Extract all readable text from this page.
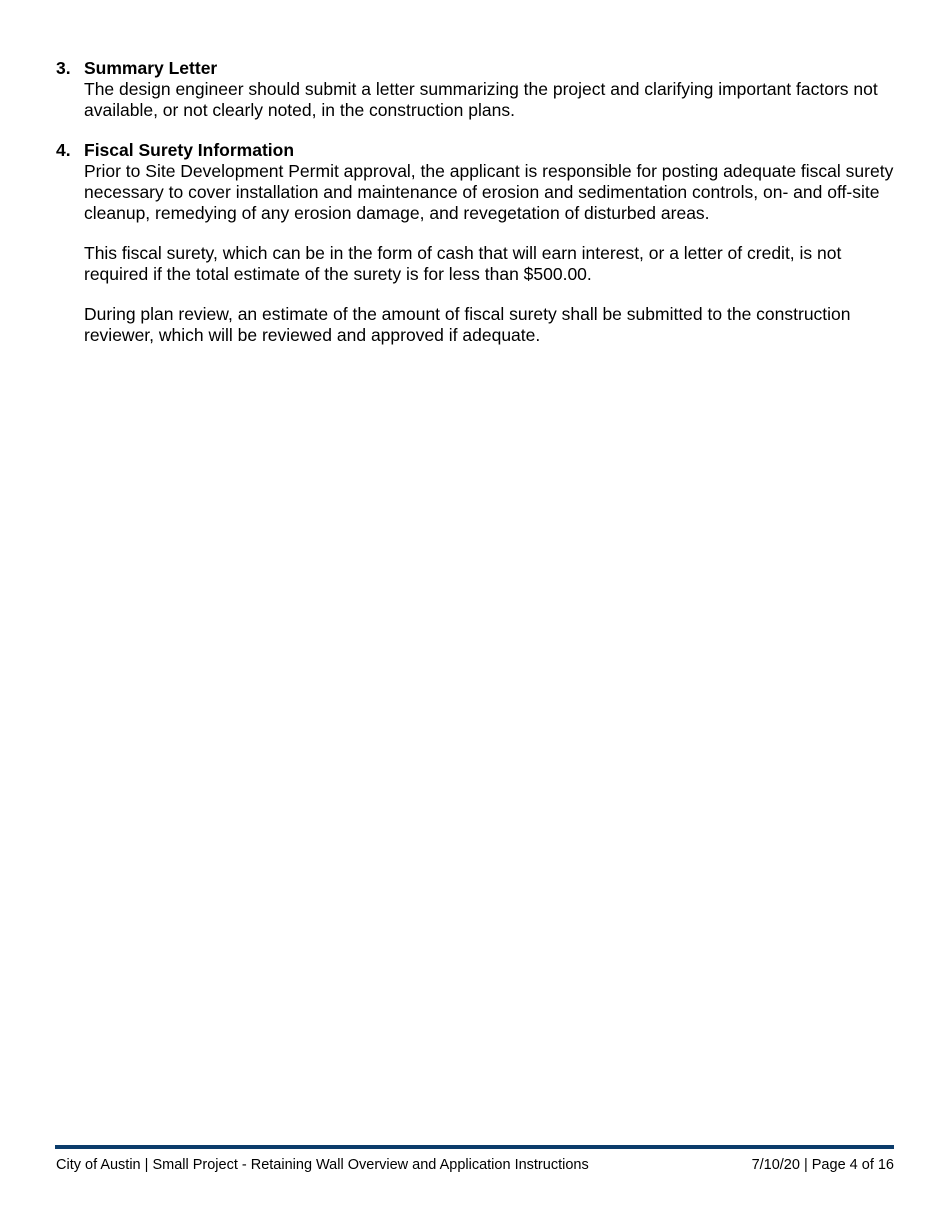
3. Summary Letter

The design engineer should submit a letter summarizing the project and clarifying important factors not available, or not clearly noted, in the construction plans.

4. Fiscal Surety Information

Prior to Site Development Permit approval, the applicant is responsible for posting adequate fiscal surety necessary to cover installation and maintenance of erosion and sedimentation controls, on- and off-site cleanup, remedying of any erosion damage, and revegetation of disturbed areas.

This fiscal surety, which can be in the form of cash that will earn interest, or a letter of credit, is not required if the total estimate of the surety is for less than $500.00.

During plan review, an estimate of the amount of fiscal surety shall be submitted to the construction reviewer, which will be reviewed and approved if adequate.

City of Austin | Small Project - Retaining Wall Overview and Application Instructions	7/10/20 | Page 4 of 16
